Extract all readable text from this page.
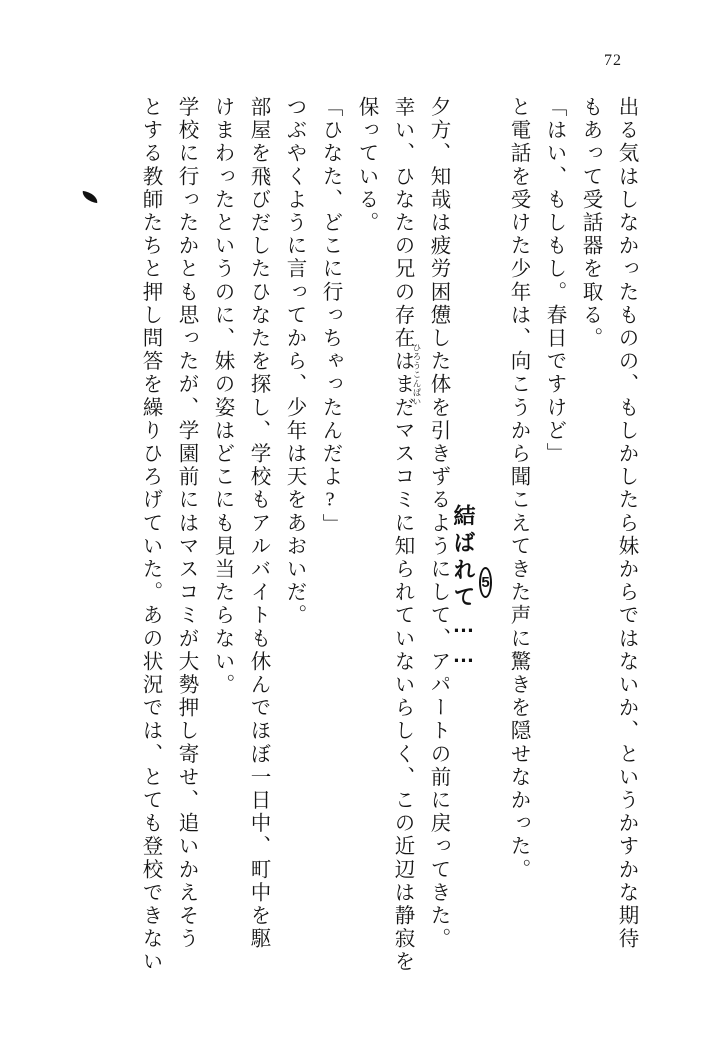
72
出る気はしなかったものの、もしかしたら妹からではないか、というかすかな期待
もあって受話器を取る。
「はい、もしもし。春日ですけど」
と電話を受けた少年は、向こうから聞こえてきた声に驚きを隠せなかった。
5
結ばれて……
夕方、知哉は疲労困憊した体を引きずるようにして、アパートの前に戻ってきた。
幸い、ひなたの兄の存在はまだマスコミに知られていないらしく、この近辺は静寂を ひろうこんぱい
保っている。
「ひなた、どこに行っちゃったんだよ?」
つぶやくように言ってから、少年は天をあおいだ。
部屋を飛びだしたひなたを探し、学校もアルバイトも休んでほぼ一日中、町中を駆
けまわったというのに、妹の姿はどこにも見当たらない。
学校に行ったかとも思ったが、学園前にはマスコミが大勢押し寄せ、追いかえそう
とする教師たちと押し問答を繰りひろげていた。あの状況では、とても登校できない
